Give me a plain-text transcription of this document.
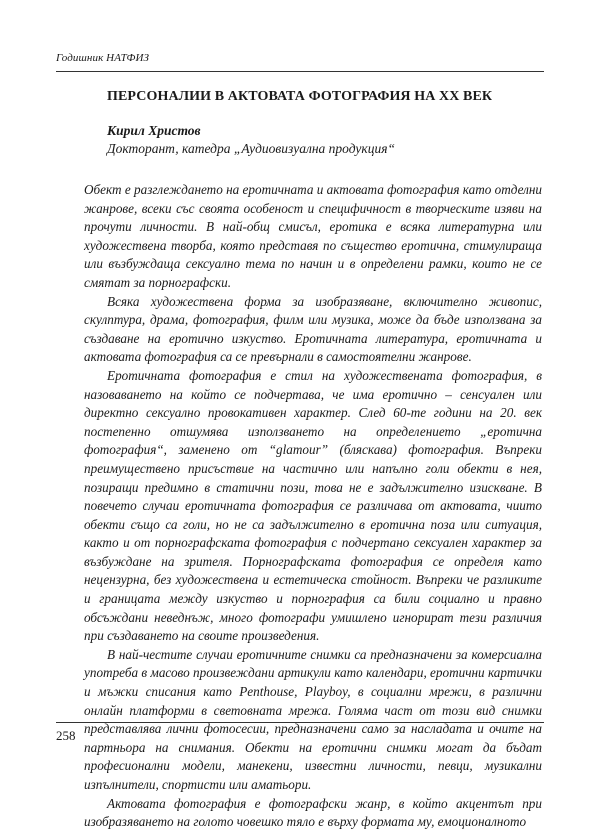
Годишник НАТФИЗ
ПЕРСОНАЛИИ В АКТОВАТА ФОТОГРАФИЯ НА ХХ ВЕК
Кирил Христов
Докторант, катедра „Аудиовизуална продукция“

Обект е разглеждането на еротичната и актовата фотография като отделни жанрове, всеки със своята особеност и специфичност в творческите изяви на прочути личности. В най-общ смисъл, еротика е всяка литературна или художествена творба, която представя по същество еротична, стимулираща или възбуждаща сексуално тема по начин и в определени рамки, които не се смятат за порнографски.

Всяка художествена форма за изобразяване, включително живопис, скулптура, драма, фотография, филм или музика, може да бъде използвана за създаване на еротично изкуство. Еротичната литература, еротичната и актовата фотография са се превърнали в самостоятелни жанрове.

Еротичната фотография е стил на художествената фотография, в назоваването на който се подчертава, че има еротично – сенсуален или директно сексуално провокативен характер. След 60-те години на 20. век постепенно отшумява използването на определението „еротична фотография“, заменено от “glamour” (бляскава) фотография. Въпреки преимуществено присъствие на частично или напълно голи обекти в нея, позиращи предимно в статични пози, това не е задължително изискване. В повечето случаи еротичната фотография се различава от актовата, чиито обекти също са голи, но не са задължително в еротична поза или ситуация, както и от порнографската фотография с подчертано сексуален характер за възбуждане на зрителя. Порнографската фотография се определя като нецензурна, без художествена и естетическа стойност. Въпреки че разликите и границата между изкуство и порнография са били социално и правно обсъждани неведнъж, много фотографи умишлено игнорират тези различия при създаването на своите произведения.

В най-честите случаи еротичните снимки са предназначени за комерсиална употреба в масово произвеждани артикули като календари, еротични картички и мъжки списания като Penthouse, Playboy, в социални мрежи, в различни онлайн платформи в световната мрежа. Голяма част от този вид снимки представлява лични фотосесии, предназначени само за насладата и очите на партньора на снимания. Обекти на еротични снимки могат да бъдат професионални модели, манекени, известни личности, певци, музикални изпълнители, спортисти или аматьори.

Актовата фотография е фотографски жанр, в който акцентът при изобразяването на голото човешко тяло е върху формата му, емоционалното

258
